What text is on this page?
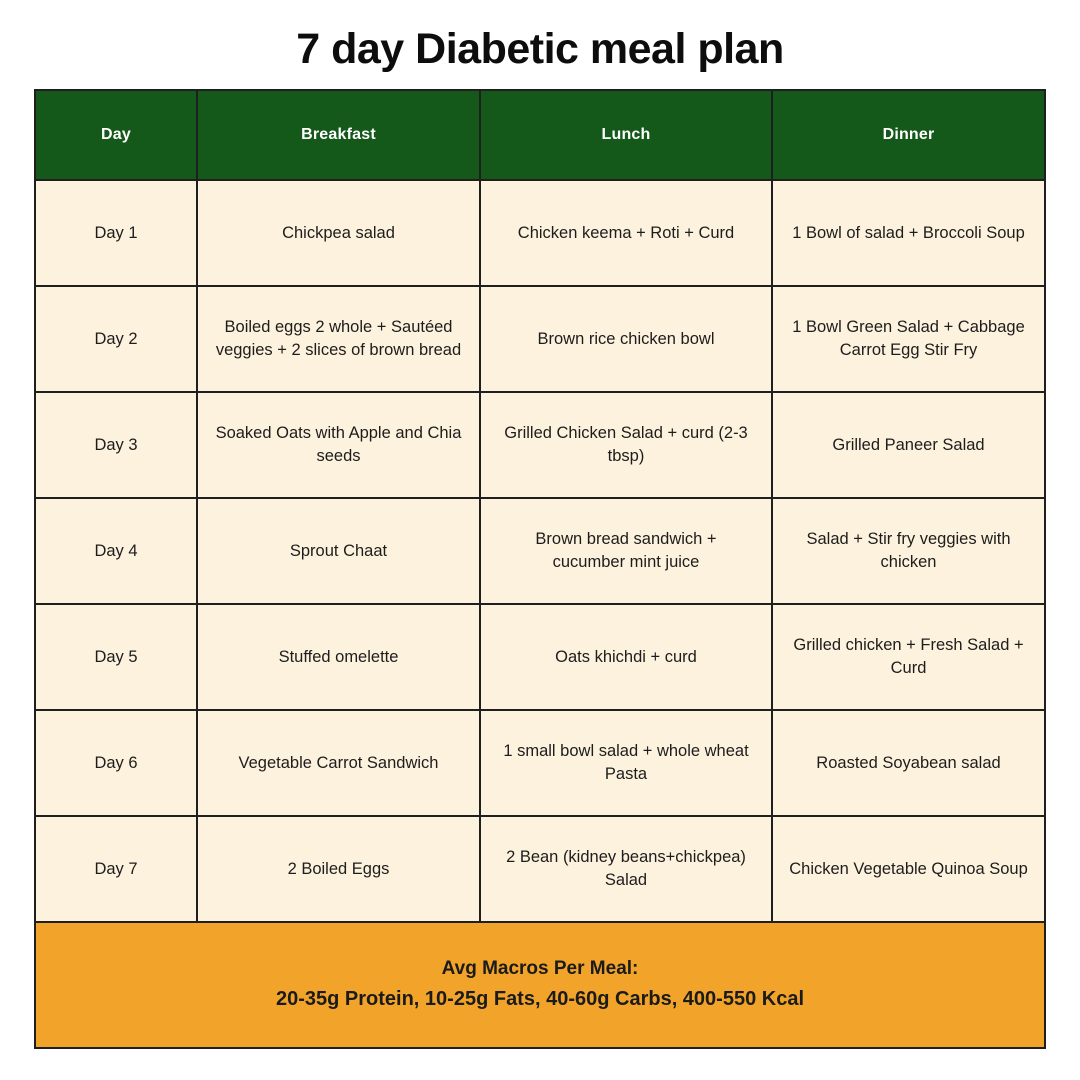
7 day Diabetic meal plan
Day	Breakfast	Lunch	Dinner
Day 1	Chickpea salad	Chicken keema + Roti + Curd	1 Bowl of salad + Broccoli Soup
Day 2	Boiled eggs 2 whole + Sautéed veggies + 2 slices of brown bread	Brown rice chicken bowl	1 Bowl Green Salad + Cabbage Carrot Egg Stir Fry
Day 3	Soaked Oats with Apple and Chia seeds	Grilled Chicken Salad + curd (2-3 tbsp)	Grilled Paneer Salad
Day 4	Sprout Chaat	Brown bread sandwich + cucumber mint juice	Salad + Stir fry veggies with chicken
Day 5	Stuffed omelette	Oats khichdi + curd	Grilled chicken + Fresh Salad + Curd
Day 6	Vegetable Carrot Sandwich	1 small bowl salad + whole wheat Pasta	Roasted Soyabean salad
Day 7	2 Boiled Eggs	2 Bean (kidney beans+chickpea) Salad	Chicken Vegetable Quinoa Soup

Avg Macros Per Meal:
20-35g Protein, 10-25g Fats, 40-60g Carbs, 400-550 Kcal			
